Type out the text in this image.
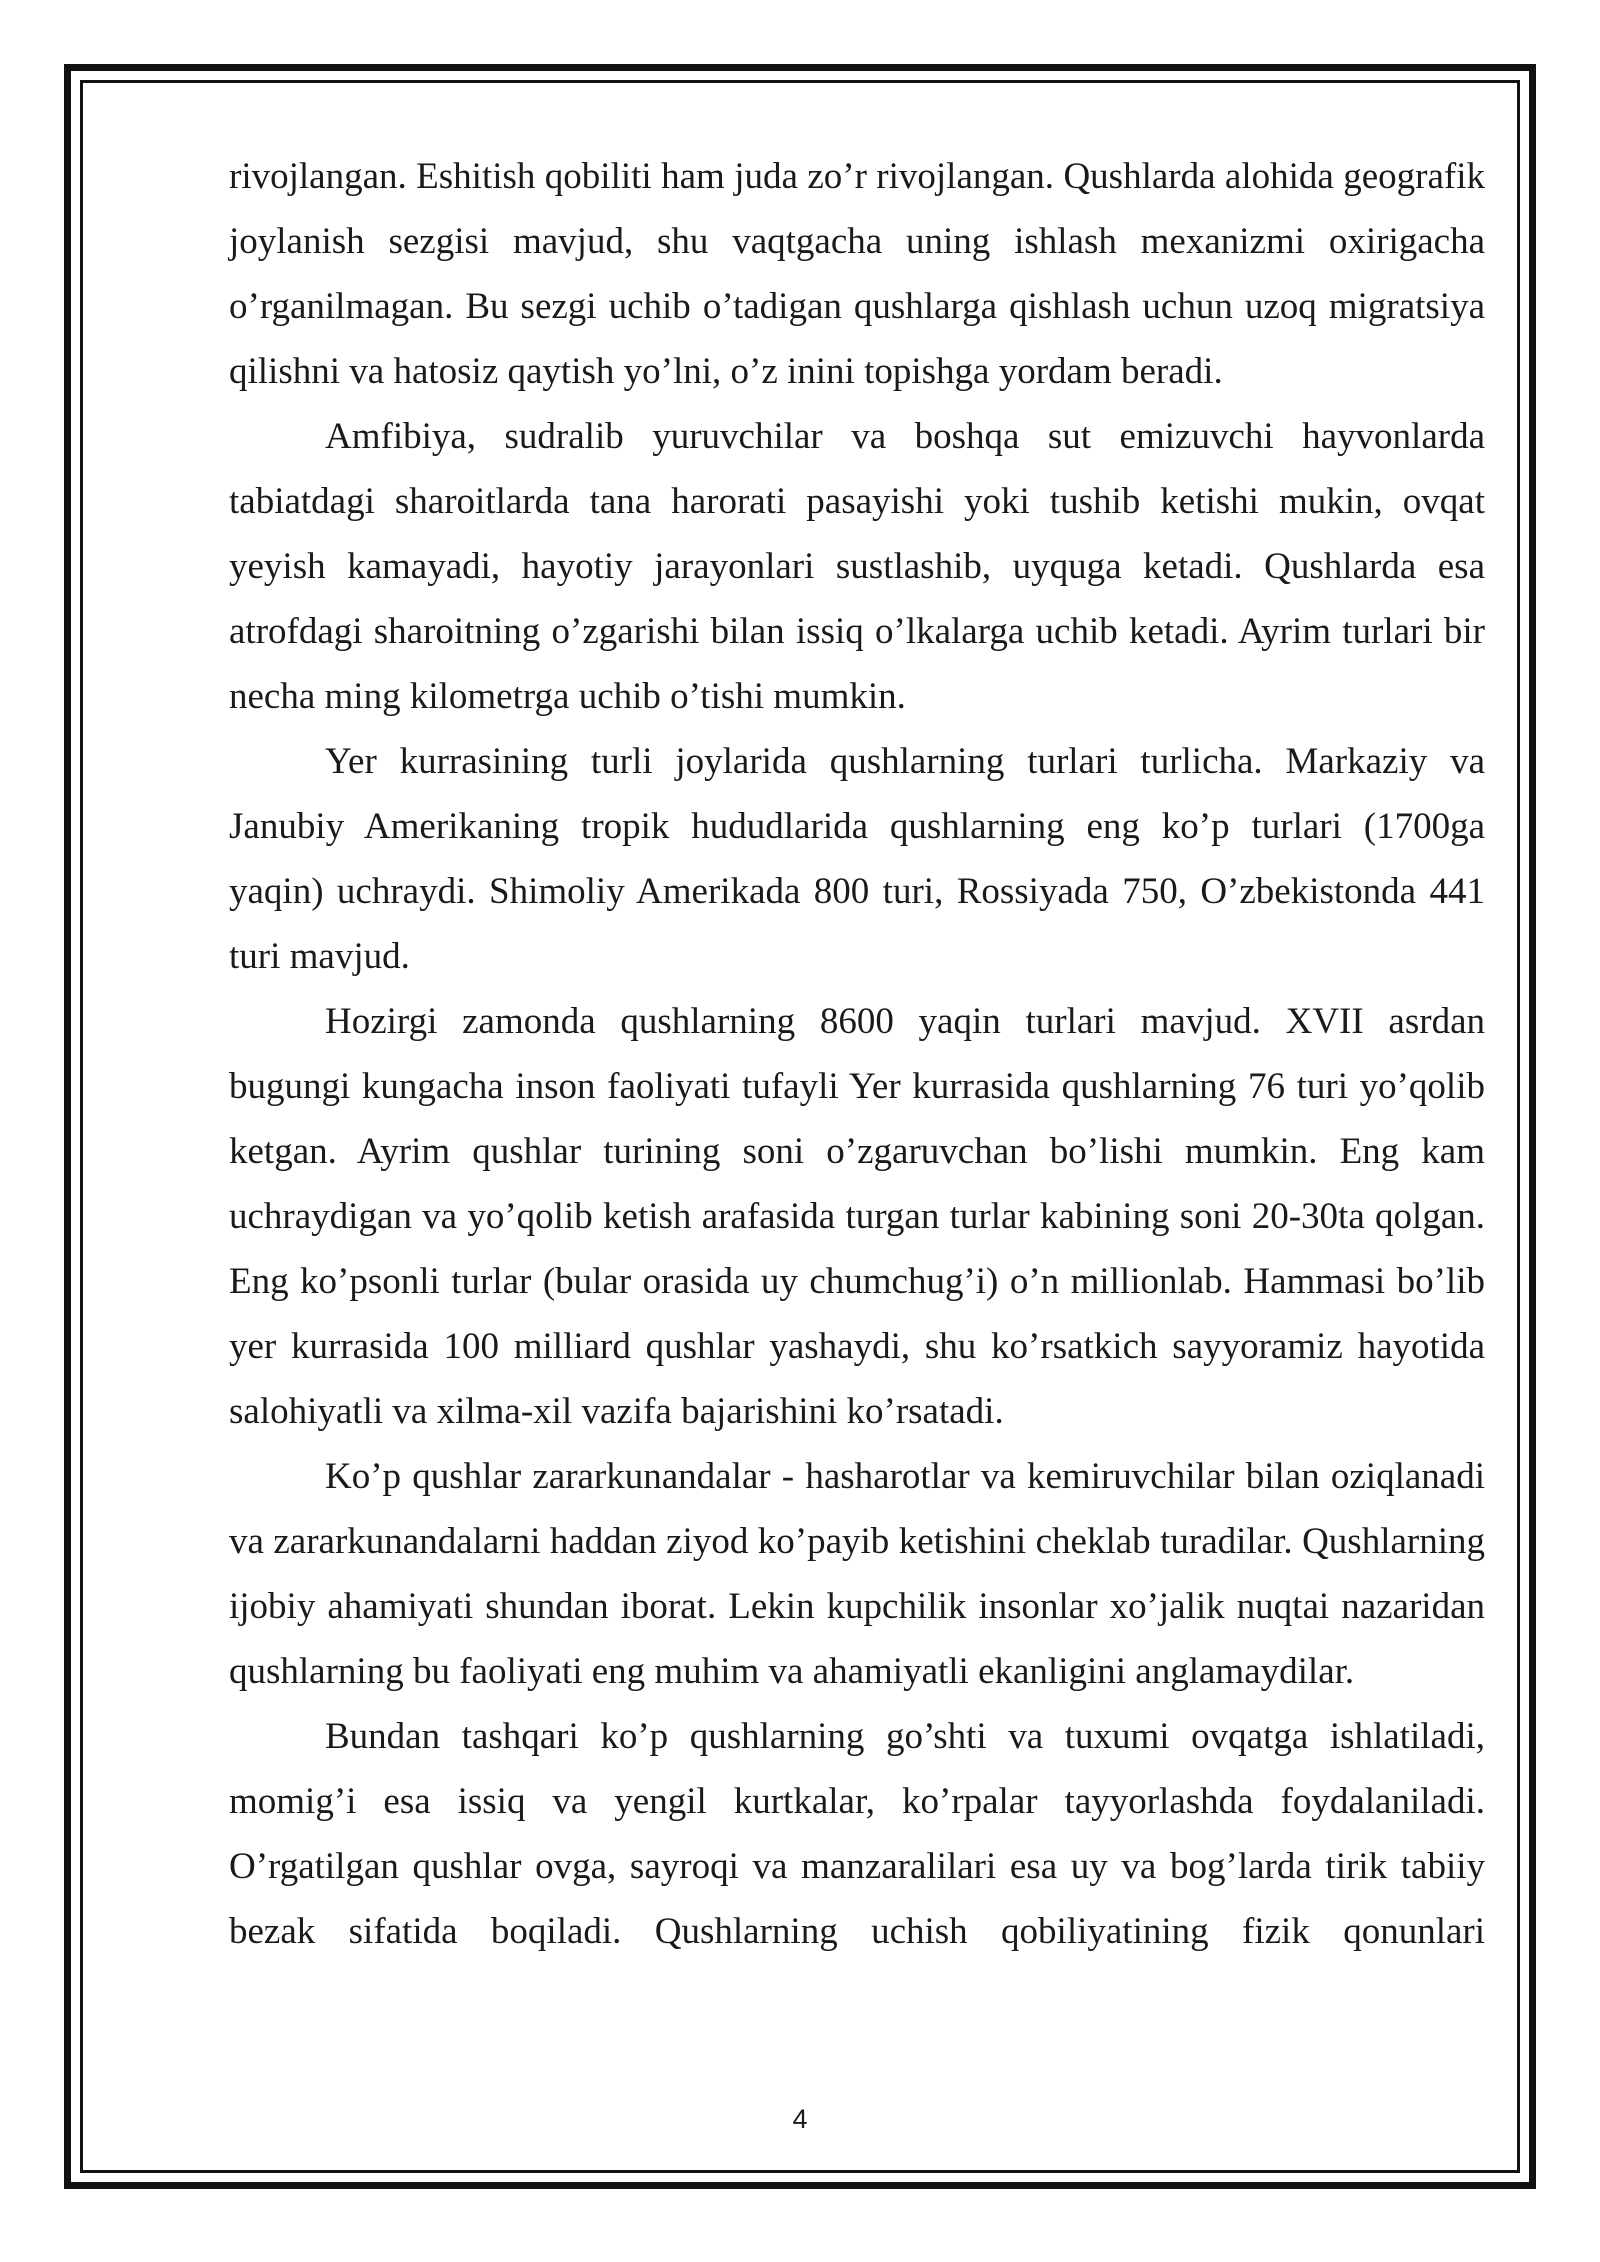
rivojlangan. Eshitish qobiliti ham juda zo’r rivojlangan. Qushlarda alohida geografik joylanish sezgisi mavjud, shu vaqtgacha uning ishlash mexanizmi oxirigacha o’rganilmagan. Bu sezgi uchib o’tadigan qushlarga qishlash uchun uzoq migratsiya qilishni va hatosiz qaytish yo’lni, o’z inini topishga yordam beradi.

Amfibiya, sudralib yuruvchilar va boshqa sut emizuvchi hayvonlarda tabiatdagi sharoitlarda tana harorati pasayishi yoki tushib ketishi mukin, ovqat yeyish kamayadi, hayotiy jarayonlari sustlashib, uyquga ketadi. Qushlarda esa atrofdagi sharoitning o’zgarishi bilan issiq o’lkalarga uchib ketadi. Ayrim turlari bir necha ming kilometrga uchib o’tishi mumkin.

Yer kurrasining turli joylarida qushlarning turlari turlicha. Markaziy va Janubiy Amerikaning tropik hududlarida qushlarning eng ko’p turlari (1700ga yaqin) uchraydi. Shimoliy Amerikada 800 turi, Rossiyada 750, O’zbekistonda 441 turi mavjud.

Hozirgi zamonda qushlarning 8600 yaqin turlari mavjud. XVII asrdan bugungi kungacha inson faoliyati tufayli Yer kurrasida qushlarning 76 turi yo’qolib ketgan. Ayrim qushlar turining soni o’zgaruvchan bo’lishi mumkin. Eng kam uchraydigan va yo’qolib ketish arafasida turgan turlar kabining soni 20-30ta qolgan. Eng ko’psonli turlar (bular orasida uy chumchug’i) o’n millionlab. Hammasi bo’lib yer kurrasida 100 milliard qushlar yashaydi, shu ko’rsatkich sayyoramiz hayotida salohiyatli va xilma-xil vazifa bajarishini ko’rsatadi.

Ko’p qushlar zararkunandalar - hasharotlar va kemiruvchilar bilan oziqlanadi va zararkunandalarni haddan ziyod ko’payib ketishini cheklab turadilar. Qushlarning ijobiy ahamiyati shundan iborat. Lekin kupchilik insonlar xo’jalik nuqtai nazaridan qushlarning bu faoliyati eng muhim va ahamiyatli ekanligini anglamaydilar.

Bundan tashqari ko’p qushlarning go’shti va tuxumi ovqatga ishlatiladi, momig’i esa issiq va yengil kurtkalar, ko’rpalar tayyorlashda foydalaniladi. O’rgatilgan qushlar ovga, sayroqi va manzaralilari esa uy va bog’larda tirik tabiiy bezak sifatida boqiladi. Qushlarning uchish qobiliyatining fizik qonunlari

4
